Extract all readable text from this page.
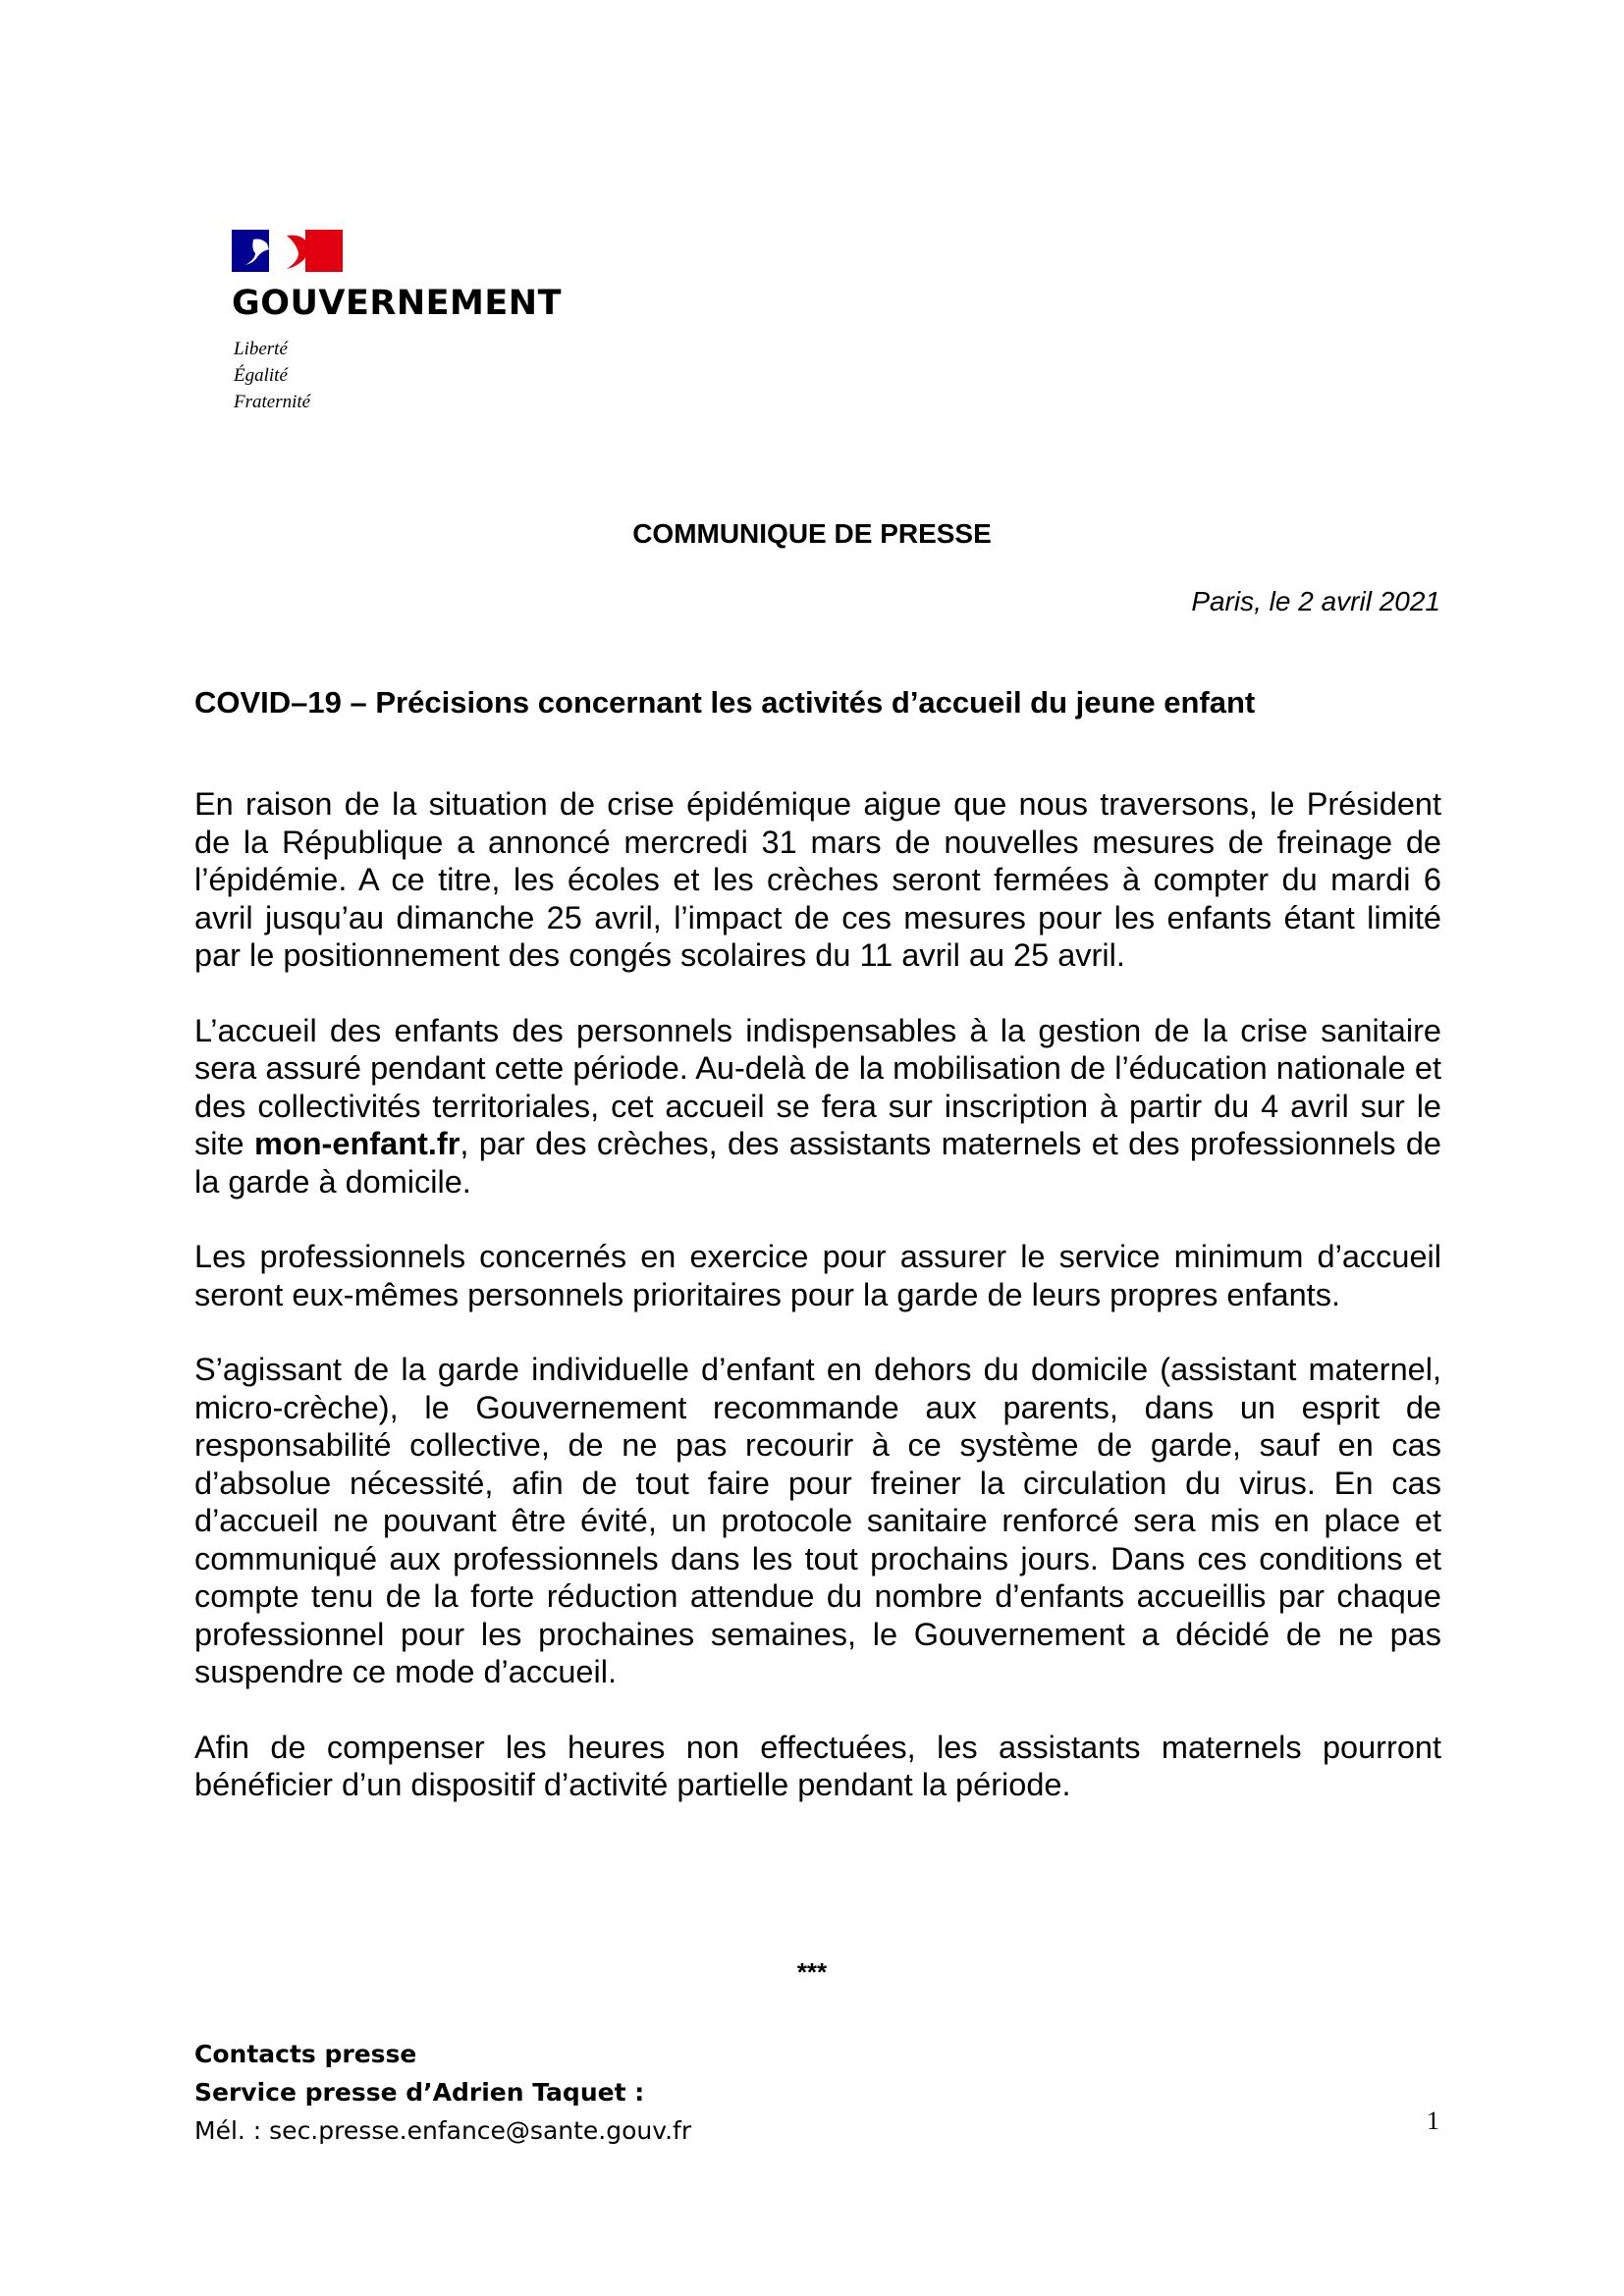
GOUVERNEMENT
Liberté
Égalité
Fraternité
COMMUNIQUE DE PRESSE
Paris, le 2 avril 2021
COVID–19 – Précisions concernant les activités d’accueil du jeune enfant

En raison de la situation de crise épidémique aigue que nous traversons, le Président de la République a annoncé mercredi 31 mars de nouvelles mesures de freinage de l’épidémie. A ce titre, les écoles et les crèches seront fermées à compter du mardi 6 avril jusqu’au dimanche 25 avril, l’impact de ces mesures pour les enfants étant limité par le positionnement des congés scolaires du 11 avril au 25 avril.

L’accueil des enfants des personnels indispensables à la gestion de la crise sanitaire sera assuré pendant cette période. Au-delà de la mobilisation de l’éducation nationale et des collectivités territoriales, cet accueil se fera sur inscription à partir du 4 avril sur le site mon-enfant.fr, par des crèches, des assistants maternels et des professionnels de la garde à domicile.

Les professionnels concernés en exercice pour assurer le service minimum d’accueil seront eux-mêmes personnels prioritaires pour la garde de leurs propres enfants.

S’agissant de la garde individuelle d’enfant en dehors du domicile (assistant maternel, micro-crèche), le Gouvernement recommande aux parents, dans un esprit de responsabilité collective, de ne pas recourir à ce système de garde, sauf en cas d’absolue nécessité, afin de tout faire pour freiner la circulation du virus. En cas d’accueil ne pouvant être évité, un protocole sanitaire renforcé sera mis en place et communiqué aux professionnels dans les tout prochains jours. Dans ces conditions et compte tenu de la forte réduction attendue du nombre d’enfants accueillis par chaque professionnel pour les prochaines semaines, le Gouvernement a décidé de ne pas suspendre ce mode d’accueil.

Afin de compenser les heures non effectuées, les assistants maternels pourront bénéficier d’un dispositif d’activité partielle pendant la période.

***
Contacts presse
Service presse d’Adrien Taquet :
Mél. : sec.presse.enfance@sante.gouv.fr	1
